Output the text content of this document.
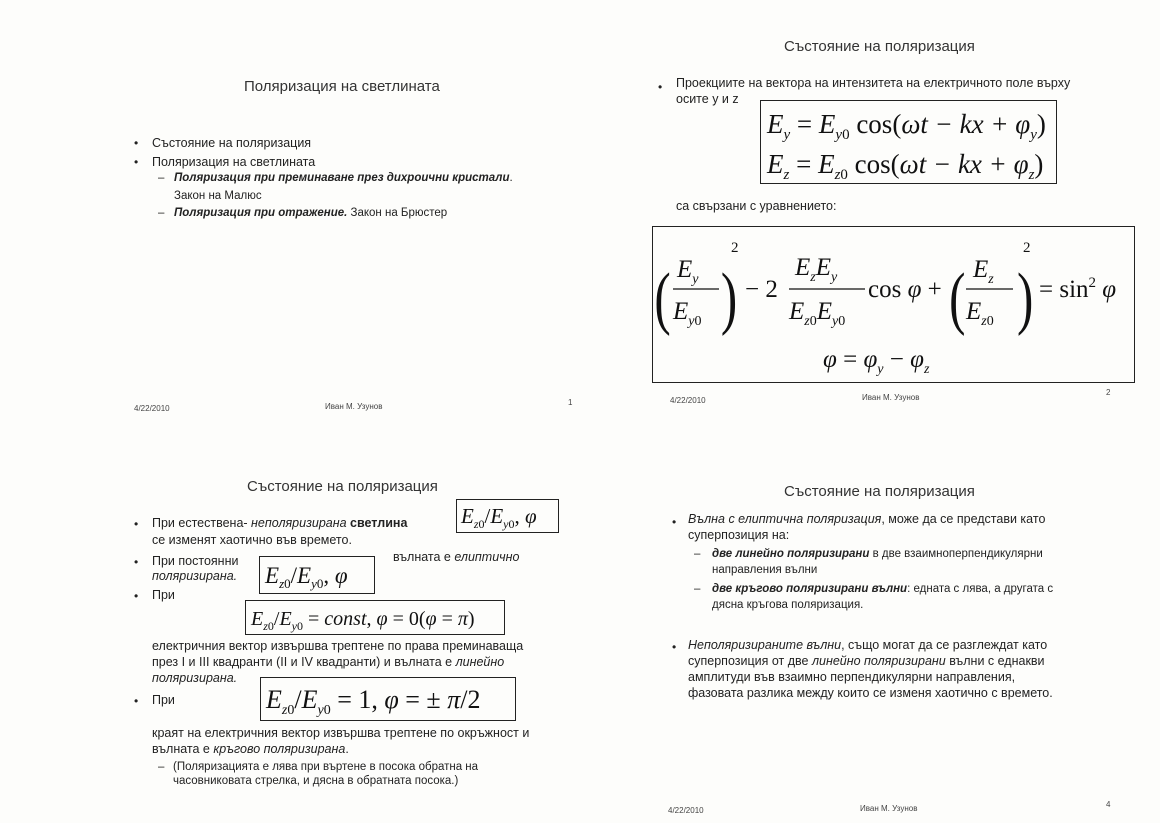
Поляризация на светлината
• Състояние на поляризация
• Поляризация на светлината
– Поляризация при преминаване през дихроични кристали.
Закон на Малюс
– Поляризация при отражение. Закон на Брюстер
4/22/2010	Иван М. Узунов	1
Състояние на поляризация
• Проекциите на вектора на интензитета на електричното поле върху
осите y и z
$E_y = E_y0$ cos(ωt − kx + $\varphi_y$)
$E_z = E_z0$ cos(ωt − kx + $\varphi_z$)
са свързани с уравнението:
( $E_y$
$E_y0$ )
2
− 2
$E_zE_y$
$E_z0E_y0$
cos φ + ( $E_z$
$E_z0$ )
2
= $\sin^2 \varphi$
$\varphi = \varphi_y - \varphi_z$
4/22/2010	Иван М. Узунов
2
Състояние на поляризация
• При естествена- неполяризирана светлина	$E_z0/E_y0$, φ
се изменят хаотично във времето.
• При постоянни	вълната е елиптично
поляризирана. $E_z0/E_y0$, φ
• При
$E_z0/E_y0$ = const, φ = 0(φ = π)
електричния вектор извършва трептене по права преминаваща
през I и III квадранти (II и IV квадранти) и вълната е линейно
поляризирана.
• При	$E_z0/E_y0 = 1$, φ = ± π/2
краят на електричния вектор извършва трептене по окръжност и
вълната е кръгово поляризирана.
– (Поляризацията е лява при въртене в посока обратна на
часовниковата стрелка, и дясна в обратната посока.)
Състояние на поляризация
• Вълна с елиптична поляризация, може да се представи като
суперпозиция на:
– две линейно поляризирани в две взаимноперпендикулярни
направления вълни
– две кръгово поляризирани вълни: едната с лява, а другата с
дясна кръгова поляризация.
• Неполяризираните вълни, също могат да се разглеждат като
суперпозиция от две линейно поляризирани вълни с еднакви
амплитуди във взаимно перпендикулярни направления,
фазовата разлика между които се изменя хаотично с времето.
4/22/2010	Иван М. Узунов	4
